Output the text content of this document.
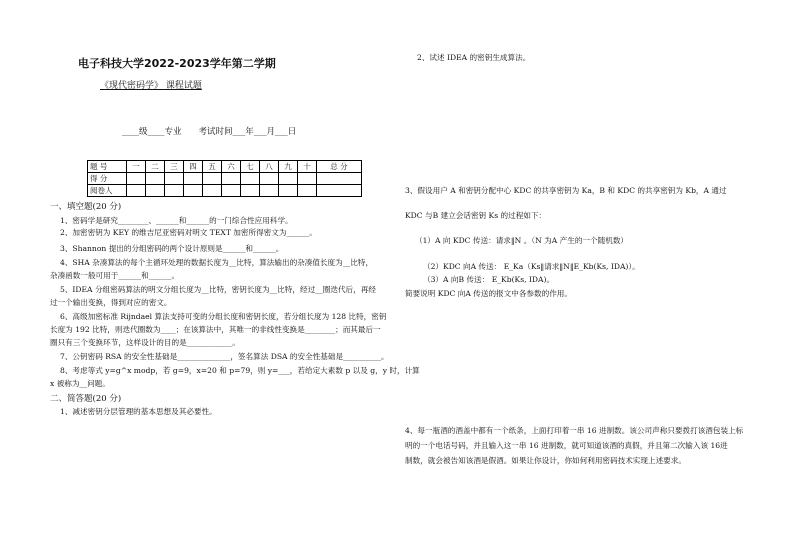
电子科技大学2022-2023学年第二学期
《现代密码学》 课程试题
____级____专业　　考试时间___年___月___日
题 号	一	二	三	四	五	六	七	八	九	十	总 分
得 分											
阅卷人											
一、填空题(20 分)
1、密码学是研究________、______和______的一门综合性应用科学。
2、加密密钥为 KEY 的维吉尼亚密码对明文 TEXT 加密所得密文为______。
3、Shannon 提出的分组密码的两个设计原则是______和______。
4、SHA 杂凑算法的每个主循环处理的数据长度为__比特，算法输出的杂凑值长度为__比特，
杂凑函数一般可用于______和______。
5、IDEA 分组密码算法的明文分组长度为__比特，密钥长度为__比特，经过__圈迭代后，再经
过一个输出变换，得到对应的密文。
6、高级加密标准 Rijndael 算法支持可变的分组长度和密钥长度，若分组长度为 128 比特，密钥
长度为 192 比特，则迭代圈数为____；在该算法中，其唯一的非线性变换是________；而其最后一
圈只有三个变换环节，这样设计的目的是____________。
7、公钥密码 RSA 的安全性基础是______________，签名算法 DSA 的安全性基础是__________。
8、考虑等式 y=g^x modp，若 g=9，x=20 和 p=79，则 y=___，若给定大素数 p 以及 g，y 时，计算
x 被称为__问题。
二、简答题(20 分)
1、减述密钥分层管理的基本思想及其必要性。
2、试述 IDEA 的密钥生成算法。
3、假设用户 A 和密钥分配中心 KDC 的共享密钥为 Ka，B 和 KDC 的共享密钥为 Kb，A 通过
KDC 与B 建立会话密钥 Ks 的过程如下：
（1）A 向 KDC 传送：请求‖N 。（N 为A 产生的一个随机数）
（2）KDC 向A 传送： E_Ka（Ks‖请求‖N‖E_Kb(Ks, IDA)）。
（3）A 向B 传送： E_Kb(Ks, IDA)。
简要说明 KDC 向A 传送的报文中各参数的作用。
4、每一瓶酒的酒盖中都有一个纸条，上面打印着一串 16 进制数。该公司声称只要拨打该酒包装上标
明的一个电话号码，并且输入这一串 16 进制数，就可知道该酒的真假，并且第二次输入该 16进
制数，就会被告知该酒是假酒。如果让你设计，你如何利用密码技术实现上述要求。
